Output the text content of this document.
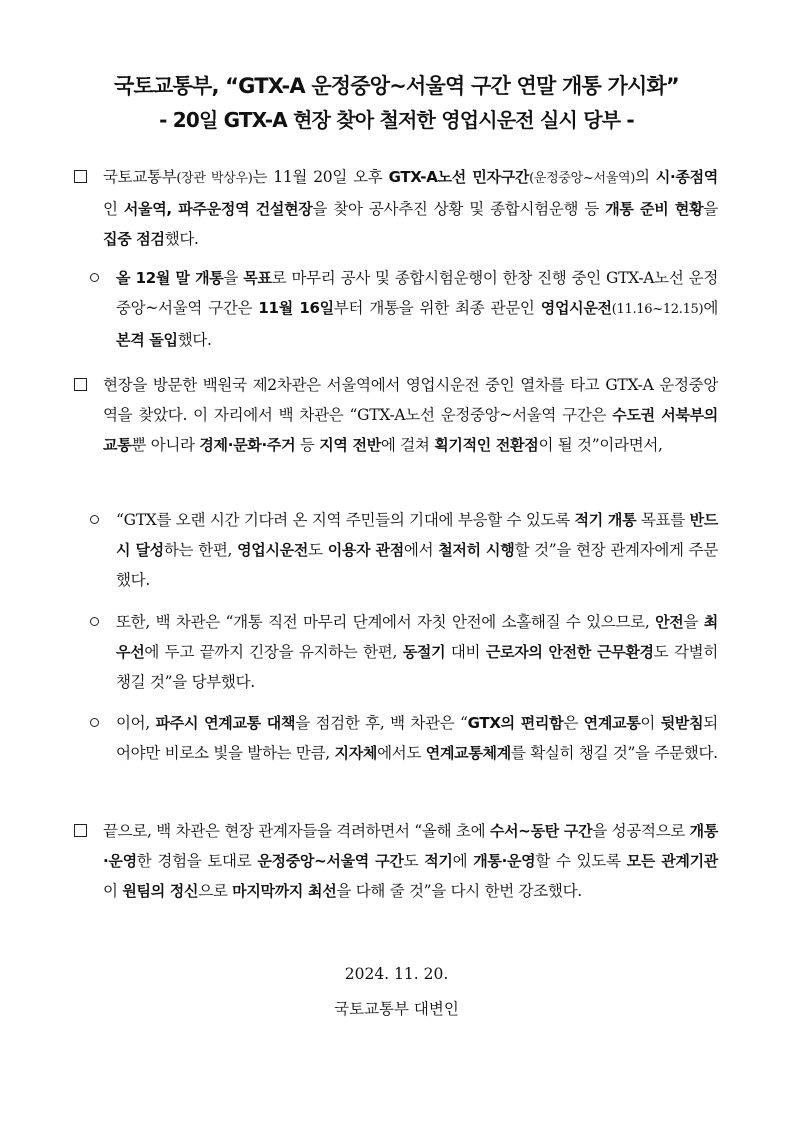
국토교통부, “GTX-A 운정중앙~서울역 구간 연말 개통 가시화”
- 20일 GTX-A 현장 찾아 철저한 영업시운전 실시 당부 -
국토교통부(장관 박상우)는 11월 20일 오후 GTX-A노선 민자구간(운정중앙~서울역)의 시·종점역인 서울역, 파주운정역 건설현장을 찾아 공사추진 상황 및 종합시험운행 등 개통 준비 현황을 집중 점검했다.
올 12월 말 개통을 목표로 마무리 공사 및 종합시험운행이 한창 진행 중인 GTX-A노선 운정중앙~서울역 구간은 11월 16일부터 개통을 위한 최종 관문인 영업시운전(11.16~12.15)에 본격 돌입했다.
현장을 방문한 백원국 제2차관은 서울역에서 영업시운전 중인 열차를 타고 GTX-A 운정중앙역을 찾았다. 이 자리에서 백 차관은 “GTX-A노선 운정중앙~서울역 구간은 수도권 서북부의 교통뿐 아니라 경제·문화·주거 등 지역 전반에 걸쳐 획기적인 전환점이 될 것”이라면서,
“GTX를 오랜 시간 기다려 온 지역 주민들의 기대에 부응할 수 있도록 적기 개통 목표를 반드시 달성하는 한편, 영업시운전도 이용자 관점에서 철저히 시행할 것”을 현장 관계자에게 주문했다.
또한, 백 차관은 “개통 직전 마무리 단계에서 자칫 안전에 소홀해질 수 있으므로, 안전을 최우선에 두고 끝까지 긴장을 유지하는 한편, 동절기 대비 근로자의 안전한 근무환경도 각별히 챙길 것”을 당부했다.
이어, 파주시 연계교통 대책을 점검한 후, 백 차관은 “GTX의 편리함은 연계교통이 뒷받침되어야만 비로소 빛을 발하는 만큼, 지자체에서도 연계교통체계를 확실히 챙길 것”을 주문했다.
끝으로, 백 차관은 현장 관계자들을 격려하면서 “올해 초에 수서~동탄 구간을 성공적으로 개통·운영한 경험을 토대로 운정중앙~서울역 구간도 적기에 개통·운영할 수 있도록 모든 관계기관이 원팀의 정신으로 마지막까지 최선을 다해 줄 것”을 다시 한번 강조했다.
2024. 11. 20.
국토교통부 대변인
